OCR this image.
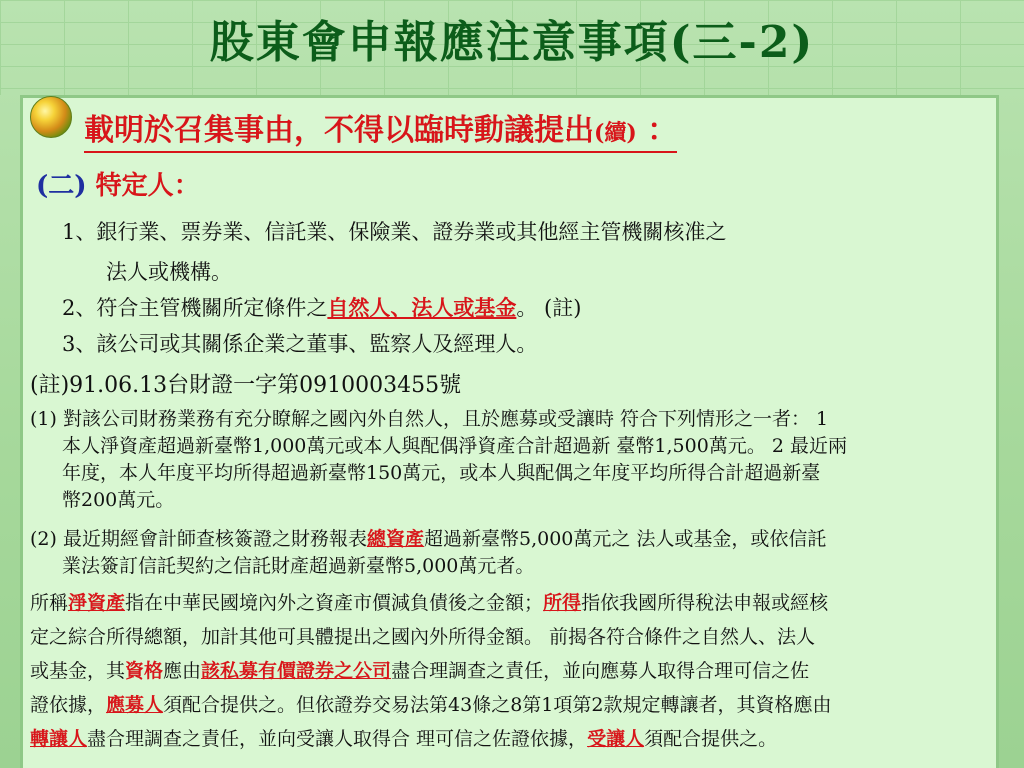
股東會申報應注意事項(三-2)
載明於召集事由，不得以臨時動議提出(續) ：
(二) 特定人：
1、銀行業、票券業、信託業、保險業、證券業或其他經主管機關核准之
法人或機構。
2、符合主管機關所定條件之自然人、法人或基金。 (註)
3、該公司或其關係企業之董事、監察人及經理人。
(註)91.06.13台財證一字第0910003455號
(1) 對該公司財務業務有充分瞭解之國內外自然人，且於應募或受讓時 符合下列情形之一者： 1
本人淨資產超過新臺幣1,000萬元或本人與配偶淨資產合計超過新 臺幣1,500萬元。 2 最近兩
年度，本人年度平均所得超過新臺幣150萬元，或本人與配偶之年度平均所得合計超過新臺
幣200萬元。
(2) 最近期經會計師查核簽證之財務報表總資產超過新臺幣5,000萬元之 法人或基金，或依信託
業法簽訂信託契約之信託財產超過新臺幣5,000萬元者。
所稱淨資產指在中華民國境內外之資產市價減負債後之金額；所得指依我國所得稅法申報或經核
定之綜合所得總額，加計其他可具體提出之國內外所得金額。 前揭各符合條件之自然人、法人
或基金，其資格應由該私募有價證券之公司盡合理調查之責任，並向應募人取得合理可信之佐
證依據，應募人須配合提供之。但依證券交易法第43條之8第1項第2款規定轉讓者，其資格應由
轉讓人盡合理調查之責任，並向受讓人取得合 理可信之佐證依據，受讓人須配合提供之。
